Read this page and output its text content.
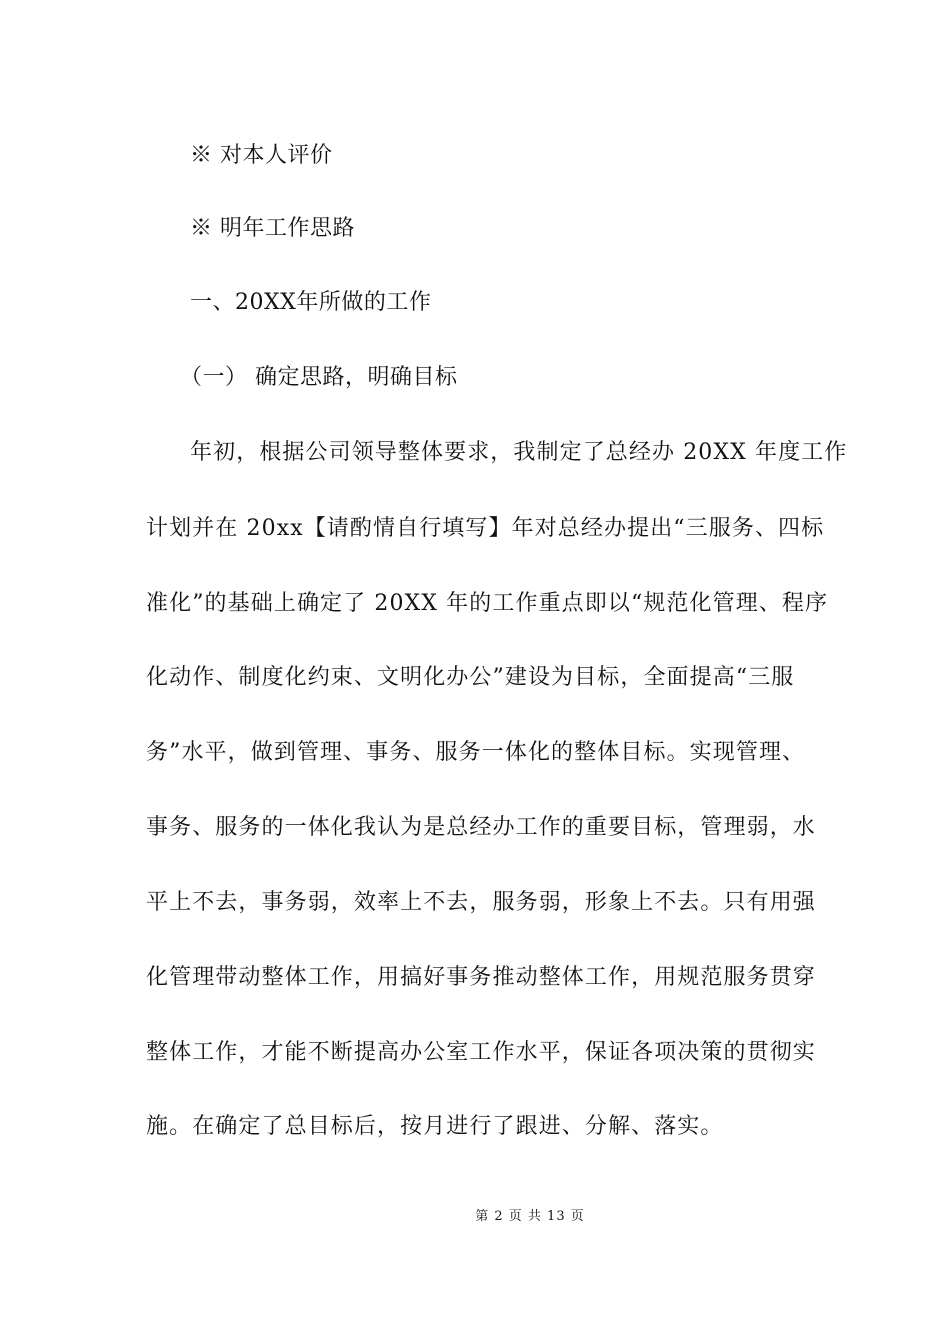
※ 对本人评价

※ 明年工作思路

一、20XX年所做的工作

（一） 确定思路，明确目标

年初，根据公司领导整体要求，我制定了总经办 20XX 年度工作

计划并在 20xx【请酌情自行填写】年对总经办提出“三服务、四标

准化”的基础上确定了 20XX 年的工作重点即以“规范化管理、程序

化动作、制度化约束、文明化办公”建设为目标，全面提高“三服

务”水平，做到管理、事务、服务一体化的整体目标。实现管理、

事务、服务的一体化我认为是总经办工作的重要目标，管理弱，水

平上不去，事务弱，效率上不去，服务弱，形象上不去。只有用强

化管理带动整体工作，用搞好事务推动整体工作，用规范服务贯穿

整体工作，才能不断提高办公室工作水平，保证各项决策的贯彻实

施。在确定了总目标后，按月进行了跟进、分解、落实。

第 2 页 共 13 页
